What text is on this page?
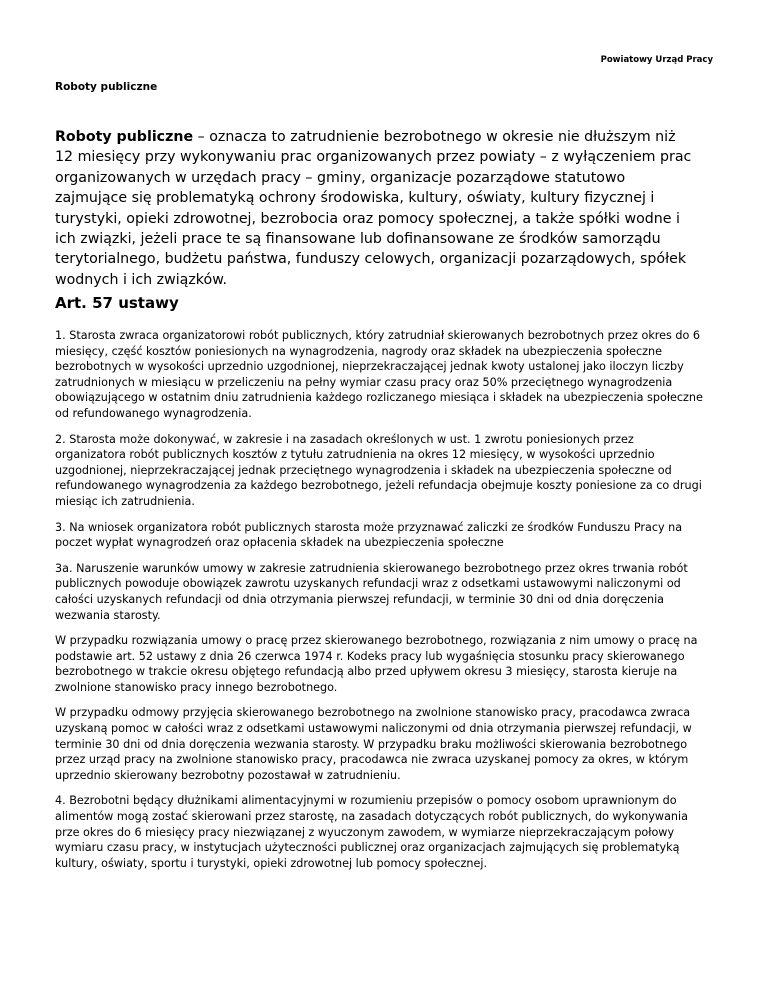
Powiatowy Urząd Pracy
Roboty publiczne

Roboty publiczne – oznacza to zatrudnienie bezrobotnego w okresie nie dłuższym niż 12 miesięcy przy wykonywaniu prac organizowanych przez powiaty – z wyłączeniem prac organizowanych w urzędach pracy – gminy, organizacje pozarządowe statutowo zajmujące się problematyką ochrony środowiska, kultury, oświaty, kultury fizycznej i turystyki, opieki zdrowotnej, bezrobocia oraz pomocy społecznej, a także spółki wodne i ich związki, jeżeli prace te są finansowane lub dofinansowane ze środków samorządu terytorialnego, budżetu państwa, funduszy celowych, organizacji pozarządowych, spółek wodnych i ich związków.

Art. 57 ustawy

1. Starosta zwraca organizatorowi robót publicznych, który zatrudniał skierowanych bezrobotnych przez okres do 6 miesięcy, część kosztów poniesionych na wynagrodzenia, nagrody oraz składek na ubezpieczenia społeczne bezrobotnych w wysokości uprzednio uzgodnionej, nieprzekraczającej jednak kwoty ustalonej jako iloczyn liczby zatrudnionych w miesiącu w przeliczeniu na pełny wymiar czasu pracy oraz 50% przeciętnego wynagrodzenia obowiązującego w ostatnim dniu zatrudnienia każdego rozliczanego miesiąca i składek na ubezpieczenia społeczne od refundowanego wynagrodzenia.

2. Starosta może dokonywać, w zakresie i na zasadach określonych w ust. 1 zwrotu poniesionych przez organizatora robót publicznych kosztów z tytułu zatrudnienia na okres 12 miesięcy, w wysokości uprzednio uzgodnionej, nieprzekraczającej jednak przeciętnego wynagrodzenia i składek na ubezpieczenia społeczne od refundowanego wynagrodzenia za każdego bezrobotnego, jeżeli refundacja obejmuje koszty poniesione za co drugi miesiąc ich zatrudnienia.

3. Na wniosek organizatora robót publicznych starosta może przyznawać zaliczki ze środków Funduszu Pracy na poczet wypłat wynagrodzeń oraz opłacenia składek na ubezpieczenia społeczne

3a. Naruszenie warunków umowy w zakresie zatrudnienia skierowanego bezrobotnego przez okres trwania robót publicznych powoduje obowiązek zawrotu uzyskanych refundacji wraz z odsetkami ustawowymi naliczonymi od całości uzyskanych refundacji od dnia otrzymania pierwszej refundacji, w terminie 30 dni od dnia doręczenia wezwania starosty.

W przypadku rozwiązania umowy o pracę przez skierowanego bezrobotnego, rozwiązania z nim umowy o pracę na podstawie art. 52 ustawy z dnia 26 czerwca 1974 r. Kodeks pracy lub wygaśnięcia stosunku pracy skierowanego bezrobotnego w trakcie okresu objętego refundacją albo przed upływem okresu 3 miesięcy, starosta kieruje na zwolnione stanowisko pracy innego bezrobotnego.

W przypadku odmowy przyjęcia skierowanego bezrobotnego na zwolnione stanowisko pracy, pracodawca zwraca uzyskaną pomoc w całości wraz z odsetkami ustawowymi naliczonymi od dnia otrzymania pierwszej refundacji, w terminie 30 dni od dnia doręczenia wezwania starosty. W przypadku braku możliwości skierowania bezrobotnego przez urząd pracy na zwolnione stanowisko pracy, pracodawca nie zwraca uzyskanej pomocy za okres, w którym uprzednio skierowany bezrobotny pozostawał w zatrudnieniu.

4. Bezrobotni będący dłużnikami alimentacyjnymi w rozumieniu przepisów o pomocy osobom uprawnionym do alimentów mogą zostać skierowani przez starostę, na zasadach dotyczących robót publicznych, do wykonywania prze okres do 6 miesięcy pracy niezwiązanej z wyuczonym zawodem, w wymiarze nieprzekraczającym połowy wymiaru czasu pracy, w instytucjach użyteczności publicznej oraz organizacjach zajmujących się problematyką kultury, oświaty, sportu i turystyki, opieki zdrowotnej lub pomocy społecznej.
